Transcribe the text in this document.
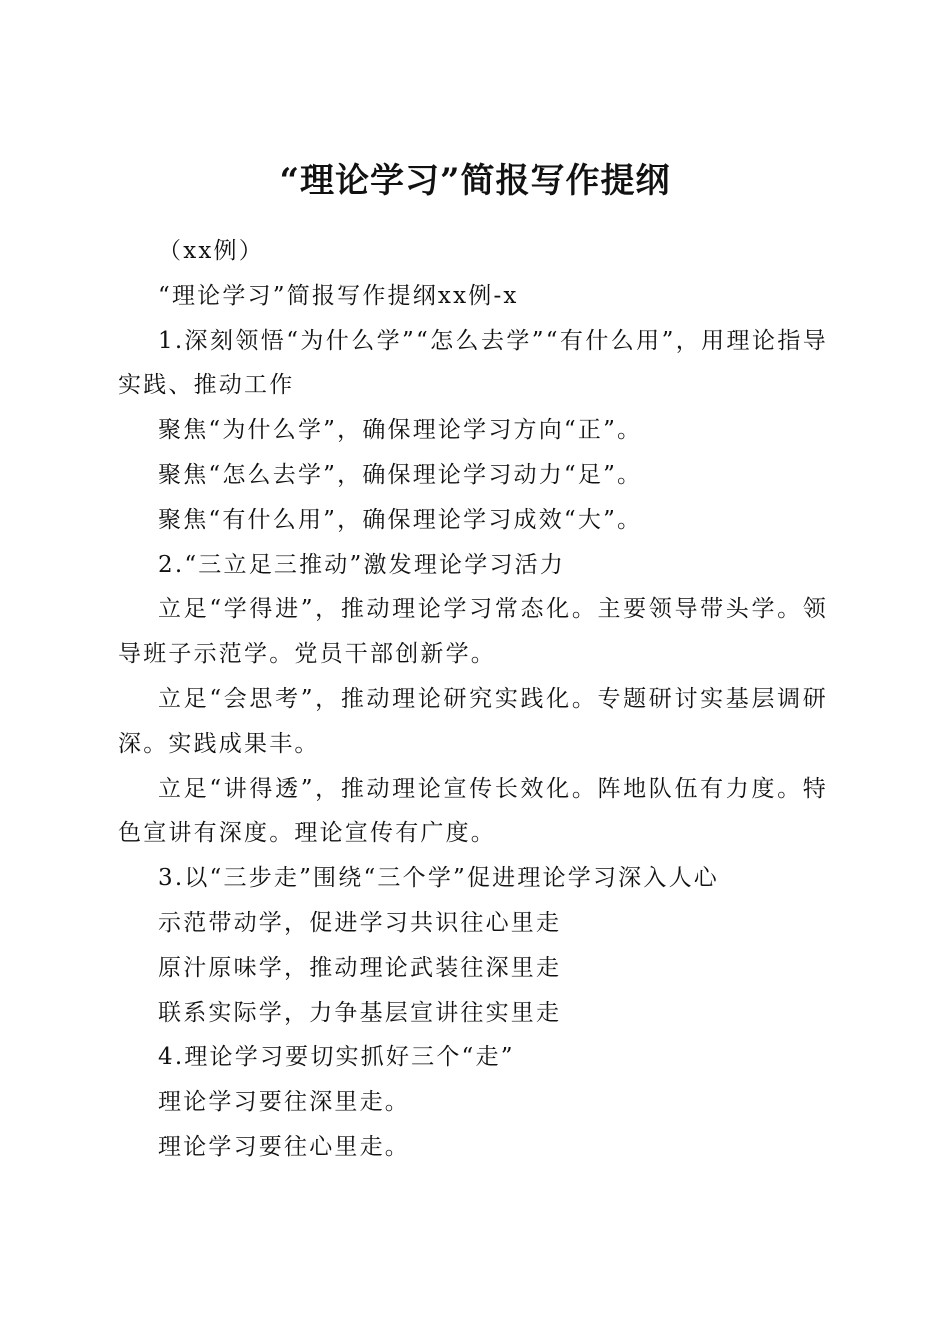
“理论学习”简报写作提纲

（xx例）

“理论学习”简报写作提纲xx例-x

1.深刻领悟“为什么学”“怎么去学”“有什么用”，用理论指导实践、推动工作

聚焦“为什么学”，确保理论学习方向“正”。

聚焦“怎么去学”，确保理论学习动力“足”。

聚焦“有什么用”，确保理论学习成效“大”。

2.“三立足三推动”激发理论学习活力

立足“学得进”，推动理论学习常态化。主要领导带头学。领导班子示范学。党员干部创新学。

立足“会思考”，推动理论研究实践化。专题研讨实基层调研深。实践成果丰。

立足“讲得透”，推动理论宣传长效化。阵地队伍有力度。特色宣讲有深度。理论宣传有广度。

3.以“三步走”围绕“三个学”促进理论学习深入人心

示范带动学，促进学习共识往心里走

原汁原味学，推动理论武装往深里走

联系实际学，力争基层宣讲往实里走

4.理论学习要切实抓好三个“走”

理论学习要往深里走。

理论学习要往心里走。
